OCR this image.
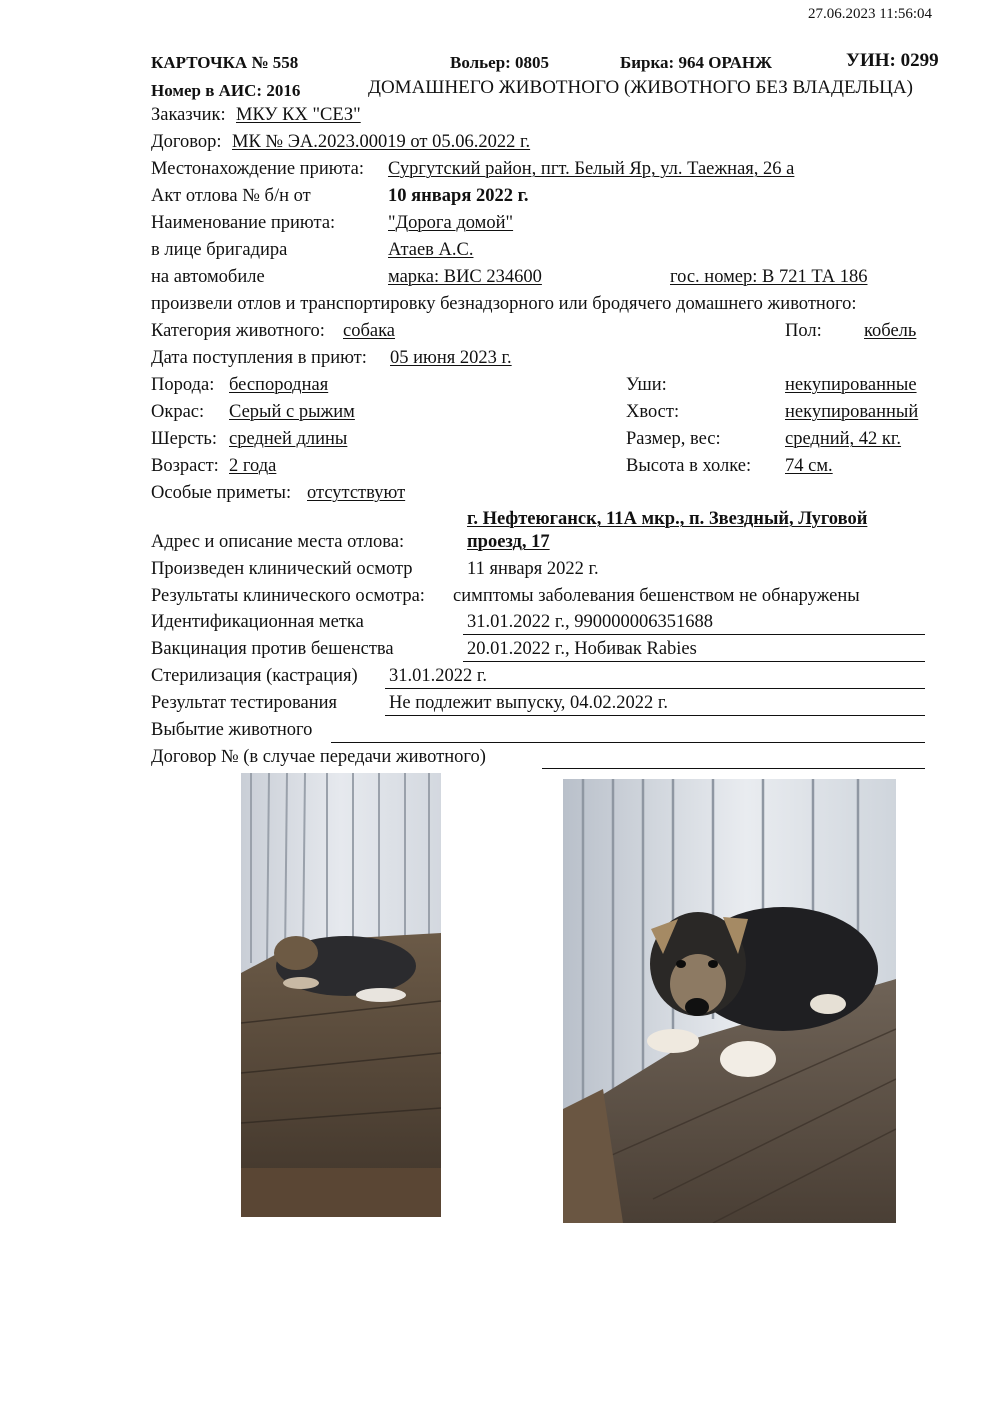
27.06.2023 11:56:04
КАРТОЧКА № 558	Вольер: 0805	Бирка: 964 ОРАНЖ	УИН: 0299
Номер в АИС: 2016	ДОМАШНЕГО ЖИВОТНОГО (ЖИВОТНОГО БЕЗ ВЛАДЕЛЬЦА)
Заказчик: МКУ КХ "СЕЗ"
Договор: МК № ЭА.2023.00019 от 05.06.2022 г.
Местонахождение приюта: Сургутский район, пгт. Белый Яр, ул. Таежная, 26 а
Акт отлова № б/н от	10 января 2022 г.
Наименование приюта:	"Дорога домой"
в лице бригадира	Атаев А.С.
на автомобиле	марка: ВИС 234600	гос. номер: В 721 ТА 186
произвели отлов и транспортировку безнадзорного или бродячего домашнего животного:
Категория животного: собака	Пол: кобель
Дата поступления в приют: 05 июня 2023 г.
Порода: беспородная	Уши:	некупированные
Окрас: Серый с рыжим	Хвост:	некупированный
Шерсть: средней длины	Размер, вес:	средний, 42 кг.
Возраст: 2 года	Высота в холке: 74 см.
Особые приметы: отсутствуют
г. Нефтеюганск, 11А мкр., п. Звездный, Луговой
Адрес и описание места отлова:	проезд, 17
Произведен клинический осмотр	11 января 2022 г.
Результаты клинического осмотра: симптомы заболевания бешенством не обнаружены
Идентификационная метка	31.01.2022 г., 990000006351688
Вакцинация против бешенства	20.01.2022 г., Нобивак Rabies
Стерилизация (кастрация) 31.01.2022 г.
Результат тестирования	Не подлежит выпуску, 04.02.2022 г.
Выбытие животного
Договор № (в случае передачи животного)
